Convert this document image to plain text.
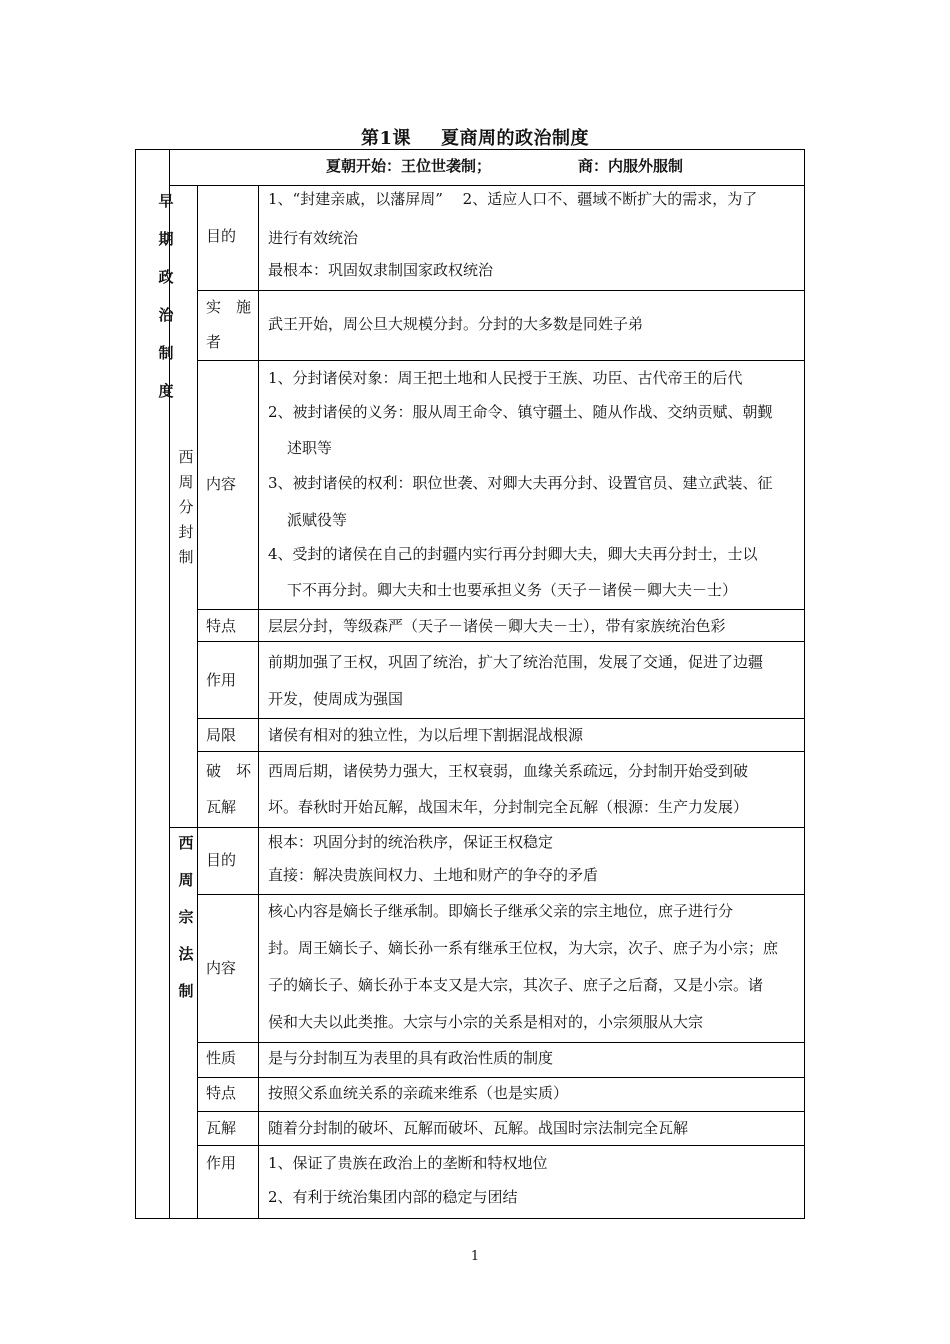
第1课 夏商周的政治制度
夏朝开始：王位世袭制；	商：内服外服制
早
期
政
治
制
度
西
周
分
封
制
西
周
宗
法
制
目的
1、“封建亲戚，以藩屏周”　 2、适应人口不、疆域不断扩大的需求，为了
进行有效统治
最根本：巩固奴隶制国家政权统治
实　施
者
武王开始，周公旦大规模分封。分封的大多数是同姓子弟
内容
1、分封诸侯对象：周王把土地和人民授于王族、功臣、古代帝王的后代
2、被封诸侯的义务：服从周王命令、镇守疆土、随从作战、交纳贡赋、朝觐
述职等
3、被封诸侯的权利：职位世袭、对卿大夫再分封、设置官员、建立武装、征
派赋役等
4、受封的诸侯在自己的封疆内实行再分封卿大夫，卿大夫再分封士，士以
下不再分封。卿大夫和士也要承担义务（天子－诸侯－卿大夫－士）
特点 层层分封，等级森严（天子－诸侯－卿大夫－士），带有家族统治色彩
作用
前期加强了王权，巩固了统治，扩大了统治范围，发展了交通，促进了边疆
开发，使周成为强国
局限 诸侯有相对的独立性，为以后埋下割据混战根源
破　坏
瓦解
西周后期，诸侯势力强大，王权衰弱，血缘关系疏远，分封制开始受到破
坏。春秋时开始瓦解，战国末年，分封制完全瓦解（根源：生产力发展）
目的
根本：巩固分封的统治秩序，保证王权稳定
直接：解决贵族间权力、土地和财产的争夺的矛盾
内容
核心内容是嫡长子继承制。即嫡长子继承父亲的宗主地位，庶子进行分
封。周王嫡长子、嫡长孙一系有继承王位权，为大宗，次子、庶子为小宗；庶
子的嫡长子、嫡长孙于本支又是大宗，其次子、庶子之后裔，又是小宗。诸
侯和大夫以此类推。大宗与小宗的关系是相对的，小宗须服从大宗
性质 是与分封制互为表里的具有政治性质的制度
特点 按照父系血统关系的亲疏来维系（也是实质）
瓦解 随着分封制的破坏、瓦解而破坏、瓦解。战国时宗法制完全瓦解
作用 1、保证了贵族在政治上的垄断和特权地位
2、有利于统治集团内部的稳定与团结
1
